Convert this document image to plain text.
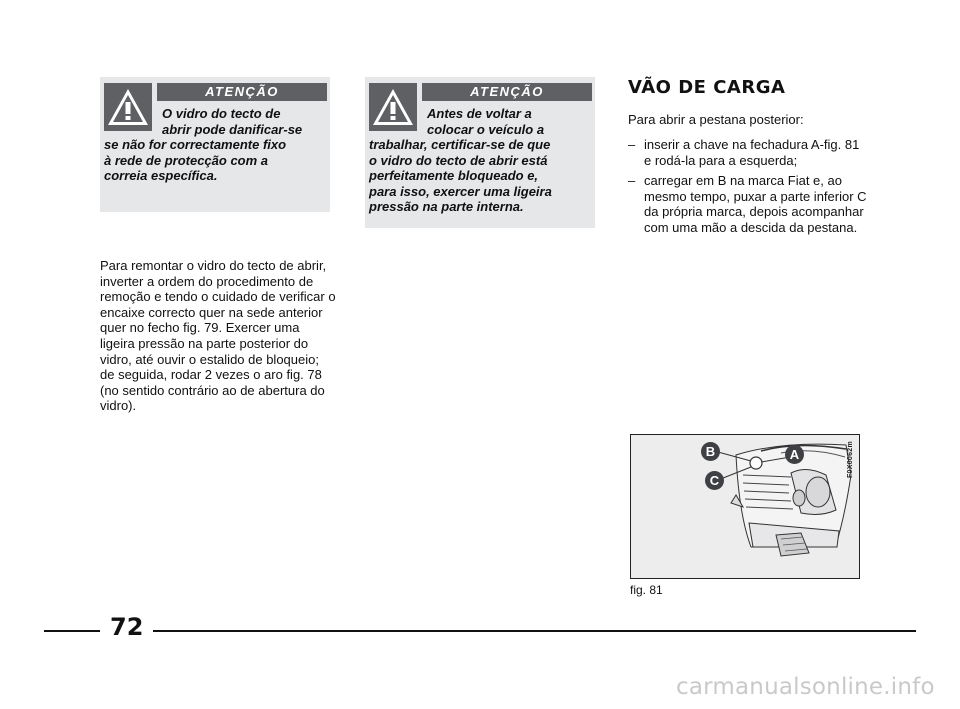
ATENÇÃO
O vidro do tecto de
abrir pode danificar-se
se não for correctamente fixo
à rede de protecção com a
correia específica.
ATENÇÃO
Antes de voltar a
colocar o veículo a
trabalhar, certificar-se de que
o vidro do tecto de abrir está
perfeitamente bloqueado e,
para isso, exercer uma ligeira
pressão na parte interna.
Para remontar o vidro do tecto de abrir, inverter a ordem do procedimento de remoção e tendo o cuidado de verificar o encaixe correcto quer na sede anterior quer no fecho fig. 79. Exercer uma ligeira pressão na parte posterior do vidro, até ouvir o estalido de bloqueio; de seguida, rodar 2 vezes o aro fig. 78 (no sentido contrário ao de abertura do vidro).
VÃO DE CARGA
Para abrir a pestana posterior:
– inserir a chave na fechadura A-fig. 81 e rodá-la para a esquerda;
– carregar em B na marca Fiat e, ao mesmo tempo, puxar a parte inferior C da própria marca, depois acompanhar com uma mão a descida da pestana.
B	A
C
F0X0062m
fig. 81
72
carmanualsonline.info
